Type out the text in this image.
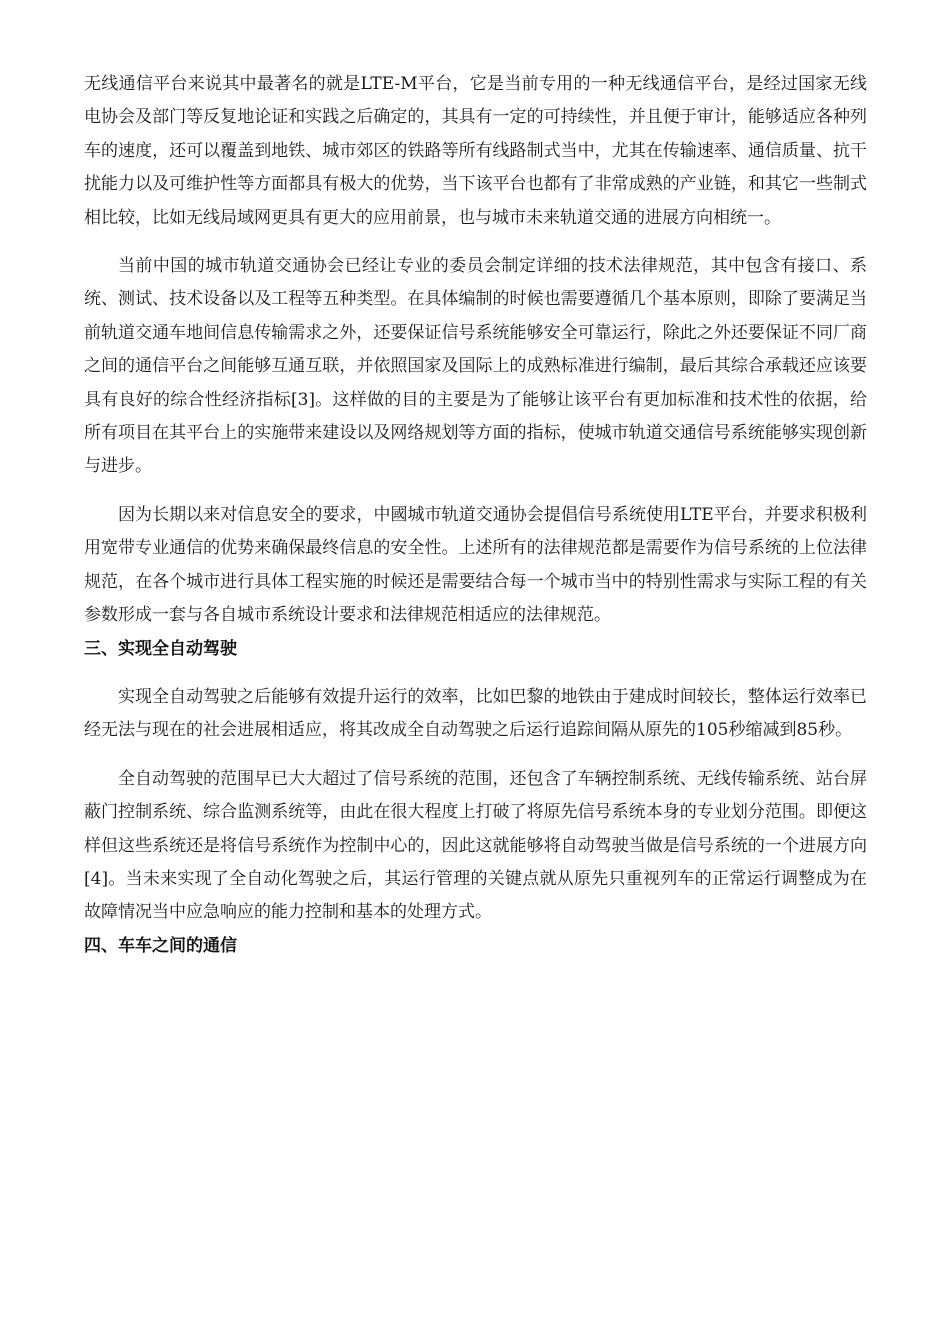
无线通信平台来说其中最著名的就是LTE-M平台，它是当前专用的一种无线通信平台，是经过国家无线电协会及部门等反复地论证和实践之后确定的，其具有一定的可持续性，并且便于审计，能够适应各种列车的速度，还可以覆盖到地铁、城市郊区的铁路等所有线路制式当中，尤其在传输速率、通信质量、抗干扰能力以及可维护性等方面都具有极大的优势，当下该平台也都有了非常成熟的产业链，和其它一些制式相比较，比如无线局域网更具有更大的应用前景，也与城市未来轨道交通的进展方向相统一。

当前中国的城市轨道交通协会已经让专业的委员会制定详细的技术法律规范，其中包含有接口、系统、测试、技术设备以及工程等五种类型。在具体编制的时候也需要遵循几个基本原则，即除了要满足当前轨道交通车地间信息传输需求之外，还要保证信号系统能够安全可靠运行，除此之外还要保证不同厂商之间的通信平台之间能够互通互联，并依照国家及国际上的成熟标准进行编制，最后其综合承载还应该要具有良好的综合性经济指标[3]。这样做的目的主要是为了能够让该平台有更加标准和技术性的依据，给所有项目在其平台上的实施带来建设以及网络规划等方面的指标，使城市轨道交通信号系统能够实现创新与进步。

因为长期以来对信息安全的要求，中國城市轨道交通协会提倡信号系统使用LTE平台，并要求积极利用宽带专业通信的优势来确保最终信息的安全性。上述所有的法律规范都是需要作为信号系统的上位法律规范，在各个城市进行具体工程实施的时候还是需要结合每一个城市当中的特别性需求与实际工程的有关参数形成一套与各自城市系统设计要求和法律规范相适应的法律规范。

三、实现全自动驾驶

实现全自动驾驶之后能够有效提升运行的效率，比如巴黎的地铁由于建成时间较长，整体运行效率已经无法与现在的社会进展相适应，将其改成全自动驾驶之后运行追踪间隔从原先的105秒缩减到85秒。

全自动驾驶的范围早已大大超过了信号系统的范围，还包含了车辆控制系统、无线传输系统、站台屏蔽门控制系统、综合监测系统等，由此在很大程度上打破了将原先信号系统本身的专业划分范围。即便这样但这些系统还是将信号系统作为控制中心的，因此这就能够将自动驾驶当做是信号系统的一个进展方向[4]。当未来实现了全自动化驾驶之后，其运行管理的关键点就从原先只重视列车的正常运行调整成为在故障情况当中应急响应的能力控制和基本的处理方式。

四、车车之间的通信
